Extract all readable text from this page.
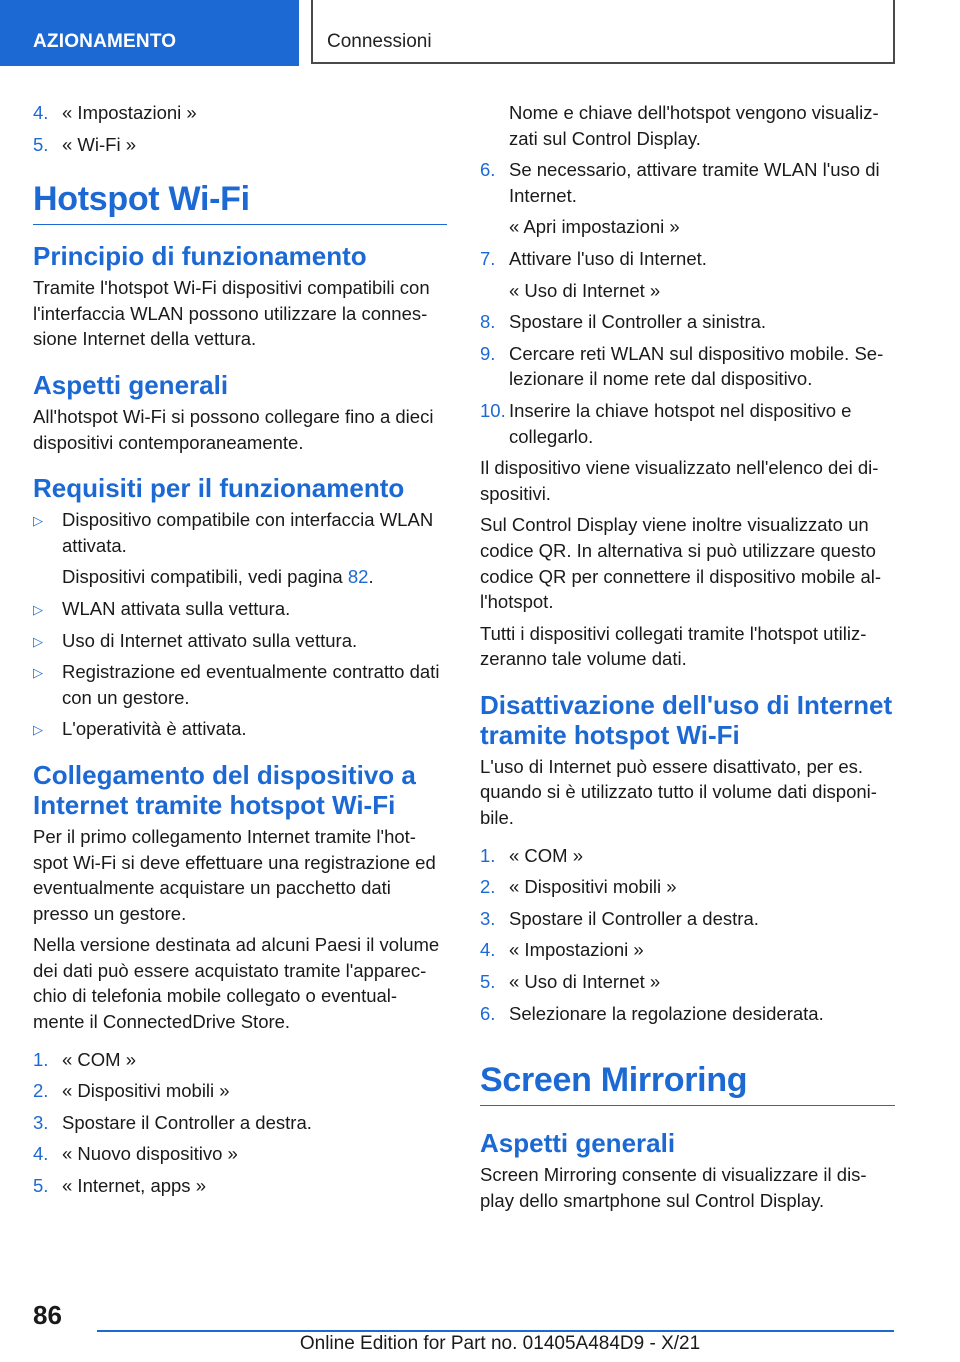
AZIONAMENTO	Connessioni
4. « Impostazioni »
5. « Wi-Fi »
Hotspot Wi-Fi
Principio di funzionamento

Tramite l'hotspot Wi-Fi dispositivi compatibili con l'interfaccia WLAN possono utilizzare la connes-sione Internet della vettura.

Aspetti generali

All'hotspot Wi-Fi si possono collegare fino a dieci dispositivi contemporaneamente.

Requisiti per il funzionamento
▷ Dispositivo compatibile con interfaccia WLAN attivata.
Dispositivi compatibili, vedi pagina 82.
▷ WLAN attivata sulla vettura.
▷ Uso di Internet attivato sulla vettura.
▷ Registrazione ed eventualmente contratto dati con un gestore.
▷ L'operatività è attivata.
Collegamento del dispositivo a Internet tramite hotspot Wi-Fi

Per il primo collegamento Internet tramite l'hot-spot Wi-Fi si deve effettuare una registrazione ed eventualmente acquistare un pacchetto dati presso un gestore.

Nella versione destinata ad alcuni Paesi il volume dei dati può essere acquistato tramite l'apparec-chio di telefonia mobile collegato o eventual-mente il ConnectedDrive Store.

1. « COM »
2. « Dispositivi mobili »
3. Spostare il Controller a destra.
4. « Nuovo dispositivo »
5. « Internet, apps »

Nome e chiave dell'hotspot vengono visualiz-zati sul Control Display.

6. Se necessario, attivare tramite WLAN l'uso di Internet.
« Apri impostazioni »
7. Attivare l'uso di Internet.
« Uso di Internet »
8. Spostare il Controller a sinistra.
9. Cercare reti WLAN sul dispositivo mobile. Se-lezionare il nome rete dal dispositivo.
10. Inserire la chiave hotspot nel dispositivo e collegarlo.

Il dispositivo viene visualizzato nell'elenco dei di-spositivi.

Sul Control Display viene inoltre visualizzato un codice QR. In alternativa si può utilizzare questo codice QR per connettere il dispositivo mobile al-l'hotspot.

Tutti i dispositivi collegati tramite l'hotspot utiliz-zeranno tale volume dati.

Disattivazione dell'uso di Internet tramite hotspot Wi-Fi

L'uso di Internet può essere disattivato, per es. quando si è utilizzato tutto il volume dati disponi-bile.

1. « COM »
2. « Dispositivi mobili »
3. Spostare il Controller a destra.
4. « Impostazioni »
5. « Uso di Internet »
6. Selezionare la regolazione desiderata.
Screen Mirroring
Aspetti generali

Screen Mirroring consente di visualizzare il dis-play dello smartphone sul Control Display.

86
Online Edition for Part no. 01405A484D9 - X/21
